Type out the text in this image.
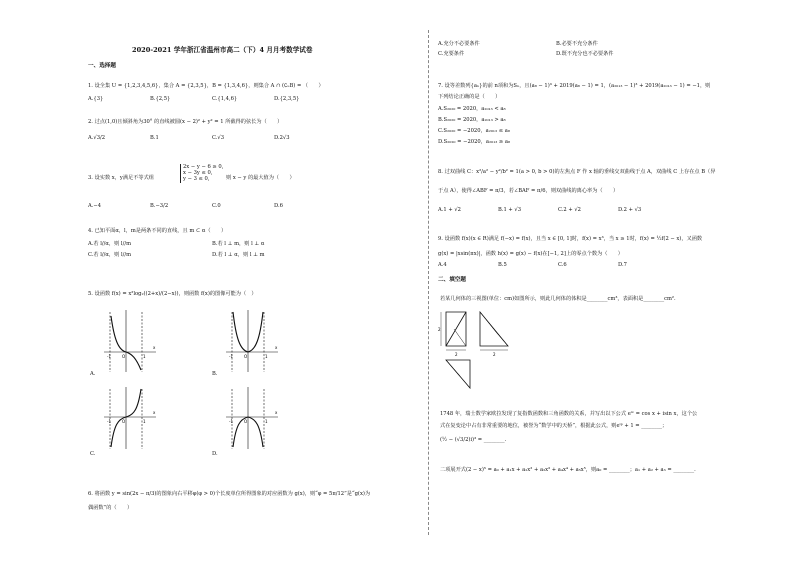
2020-2021 学年浙江省温州市高二（下）4 月月考数学试卷
一、选择题
1. 设全集 U = {1,2,3,4,5,6}，集合 A = {2,3,5}，B = {1,3,4,6}，则集合 A ∩ (∁ᵤB) = （　　）
A.{3}	B.{2,5}	C.{1,4,6}	D.{2,3,5}
2. 过点(1,0)且倾斜角为30° 的直线被圆(x − 2)² + y² = 1 所截得的弦长为（　　）
A.√3/2	B.1	C.√3	D.2√3
3. 设实数 x，y满足不等式组
2x − y − 6 ≥ 0,
x − 3y ≤ 0,
y − 3 ≤ 0,	则 x − y 的最大值为（　　）
A.−4	B.−3/2	C.0	D.6
4. 已知平面α，l，m是两条不同的直线，且 m ⊂ α（　　）
A.若 l//α，则 l//m	B.若 l ⊥ m，则 l ⊥ α
C.若 l//α，则 l//m	D.若 l ⊥ α，则 l ⊥ m
5. 设函数 f(x) = x²log₂((2+x)/(2−x))，则函数 f(x)的图像可能为（　）
-1	O	1
x
A.
-1	O	1
x
B.
-1	O	1
x
C.
-1	O	1
x
D.
6. 将函数 y = sin(2x − π/3)的图象向右平移φ(φ > 0)个长度单位所得图象的对应函数为 g(x)，则“φ = 5π/12”是“g(x)为
偶函数”的（　　）
A.充分不必要条件	B.必要不充分条件
C.充要条件	D.既不充分也不必要条件
7. 设等差数列{aₙ}的前 n项和为Sₙ，且(a₈ − 1)³ + 2019(a₈ − 1) = 1，(a₂₀₁₃ − 1)³ + 2019(a₂₀₁₃ − 1) = −1，则
下列结论正确的是（　　）
A.S₂₀₂₀ = 2020，a₂₀₁₃ < a₈
B.S₂₀₂₀ = 2020，a₂₀₁₃ > a₈
C.S₂₀₂₀ = −2020，a₂₀₁₃ ≤ a₈
D.S₂₀₂₀ = −2020，a₂₀₁₃ ≥ a₈
8. 过双曲线 C：x²/a² − y²/b² = 1(a > 0, b > 0)的左焦点 F 作 x 轴的垂线交双曲线于点 A，双曲线 C 上存在点 B（异
于点 A），使得∠ABF = π/3，若∠BAF = π/6，则双曲线的离心率为（　　）
A.1 + √2	B.1 + √3	C.2 + √2	D.2 + √3
9. 设函数 f(x)(x ∈ R)满足 f(−x) = f(x)，且当 x ∈ [0, 1]时，f(x) = x³，当 x ≥ 1时，f(x) = ½f(2 − x)，又函数
g(x) = |xsin(πx)|，函数 h(x) = g(x) − f(x)在[−1, 2]上的零点个数为（　　）
A.4	B.5	C.6	D.7
二、填空题
若某几何体的三视图(单位：cm)如图所示，则此几何体的体积是________cm³，表面积是________cm².
2
2	2
1748 年，瑞士数学家欧拉发现了复指数函数和三角函数的关系，并写出以下公式 eⁱˣ = cos x + isin x，这个公
式在复变论中占有非常重要的地位，被誉为“数学中的天桥”，根据此公式，则eⁱᵖ + 1 = ________；
(½ − (√3/2)i)³ = ________.
二项展开式(2 − x)⁵ = a₀ + a₁x + a₂x² + a₃x³ + a₄x⁴ + a₅x⁵，则a₀ = ________；a₁ + a₂ + a₃ = ________.
